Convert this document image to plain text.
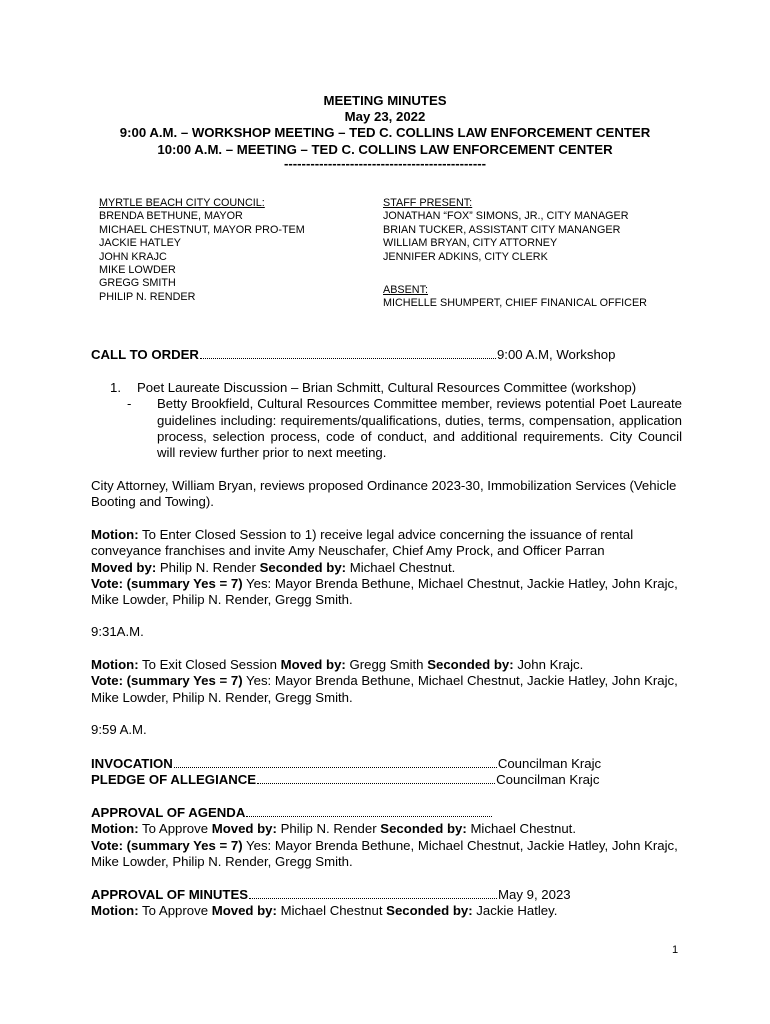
MEETING MINUTES
May 23, 2022
9:00 A.M. – WORKSHOP MEETING – TED C. COLLINS LAW ENFORCEMENT CENTER
10:00 A.M. – MEETING – TED C. COLLINS LAW ENFORCEMENT CENTER
----------------------------------------------
MYRTLE BEACH CITY COUNCIL:
BRENDA BETHUNE, MAYOR
MICHAEL CHESTNUT, MAYOR PRO-TEM
JACKIE HATLEY
JOHN KRAJC
MIKE LOWDER
GREGG SMITH
PHILIP N. RENDER
STAFF PRESENT:
JONATHAN “FOX” SIMONS, JR., CITY MANAGER
BRIAN TUCKER, ASSISTANT CITY MANANGER
WILLIAM BRYAN, CITY ATTORNEY
JENNIFER ADKINS, CITY CLERK
ABSENT:
MICHELLE SHUMPERT, CHIEF FINANICAL OFFICER
CALL TO ORDER	9:00 A.M, Workshop
1. Poet Laureate Discussion – Brian Schmitt, Cultural Resources Committee (workshop)
- Betty Brookfield, Cultural Resources Committee member, reviews potential Poet Laureate guidelines including: requirements/qualifications, duties, terms, compensation, application process, selection process, code of conduct, and additional requirements. City Council will review further prior to next meeting.

City Attorney, William Bryan, reviews proposed Ordinance 2023-30, Immobilization Services (Vehicle Booting and Towing).

Motion: To Enter Closed Session to 1) receive legal advice concerning the issuance of rental conveyance franchises and invite Amy Neuschafer, Chief Amy Prock, and Officer Parran

Moved by: Philip N. Render Seconded by: Michael Chestnut.

Vote: (summary Yes = 7) Yes: Mayor Brenda Bethune, Michael Chestnut, Jackie Hatley, John Krajc, Mike Lowder, Philip N. Render, Gregg Smith.

9:31A.M.

Motion: To Exit Closed Session Moved by: Gregg Smith Seconded by: John Krajc.

Vote: (summary Yes = 7) Yes: Mayor Brenda Bethune, Michael Chestnut, Jackie Hatley, John Krajc, Mike Lowder, Philip N. Render, Gregg Smith.

9:59 A.M.

INVOCATION	Councilman Krajc
PLEDGE OF ALLEGIANCE	Councilman Krajc
APPROVAL OF AGENDA

Motion: To Approve Moved by: Philip N. Render Seconded by: Michael Chestnut.

Vote: (summary Yes = 7) Yes: Mayor Brenda Bethune, Michael Chestnut, Jackie Hatley, John Krajc, Mike Lowder, Philip N. Render, Gregg Smith.

APPROVAL OF MINUTES	May 9, 2023

Motion: To Approve Moved by: Michael Chestnut Seconded by: Jackie Hatley.

1
